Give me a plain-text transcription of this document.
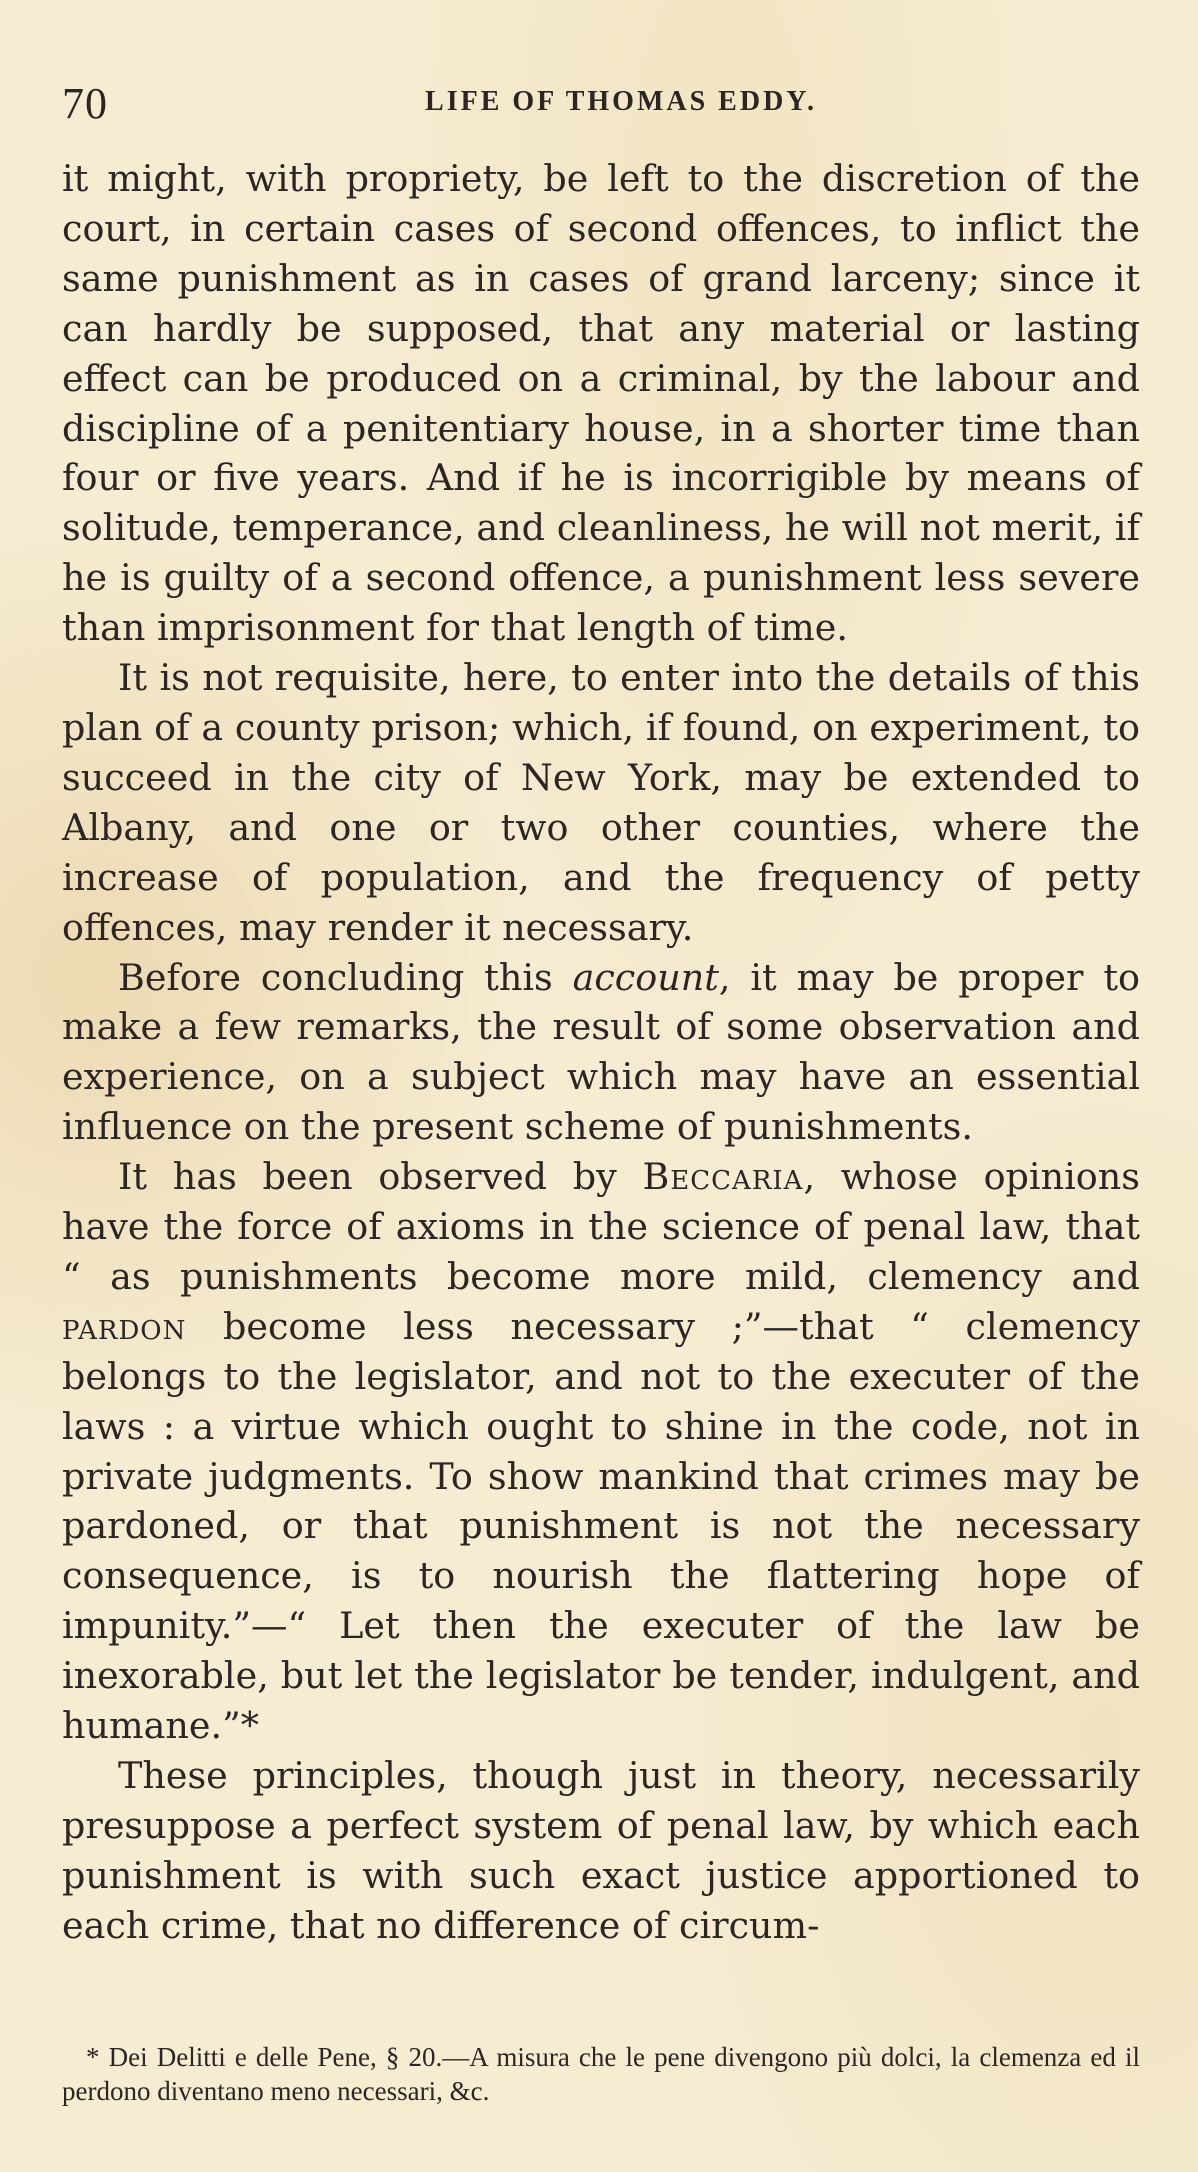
70	LIFE OF THOMAS EDDY.

it might, with propriety, be left to the discretion of the court, in certain cases of second offences, to inflict the same punishment as in cases of grand larceny; since it can hardly be supposed, that any material or lasting effect can be produced on a criminal, by the labour and discipline of a penitentiary house, in a shorter time than four or five years. And if he is incorrigible by means of solitude, temperance, and cleanliness, he will not merit, if he is guilty of a second offence, a punishment less severe than imprisonment for that length of time.

It is not requisite, here, to enter into the details of this plan of a county prison; which, if found, on experiment, to succeed in the city of New York, may be extended to Albany, and one or two other counties, where the increase of population, and the frequency of petty offences, may render it necessary.

Before concluding this account, it may be proper to make a few remarks, the result of some observation and experience, on a subject which may have an essential influence on the present scheme of punishments.

It has been observed by Beccaria, whose opinions have the force of axioms in the science of penal law, that “ as punishments become more mild, clemency and pardon become less necessary ;”—that “ clemency belongs to the legislator, and not to the executer of the laws : a virtue which ought to shine in the code, not in private judgments. To show mankind that crimes may be pardoned, or that punishment is not the necessary consequence, is to nourish the flattering hope of impunity.”—“ Let then the executer of the law be inexorable, but let the legislator be tender, indulgent, and humane.”*

These principles, though just in theory, necessarily presuppose a perfect system of penal law, by which each punishment is with such exact justice apportioned to each crime, that no difference of circum-

* Dei Delitti e delle Pene, § 20.—A misura che le pene divengono più dolci, la clemenza ed il perdono diventano meno necessari, &c.
